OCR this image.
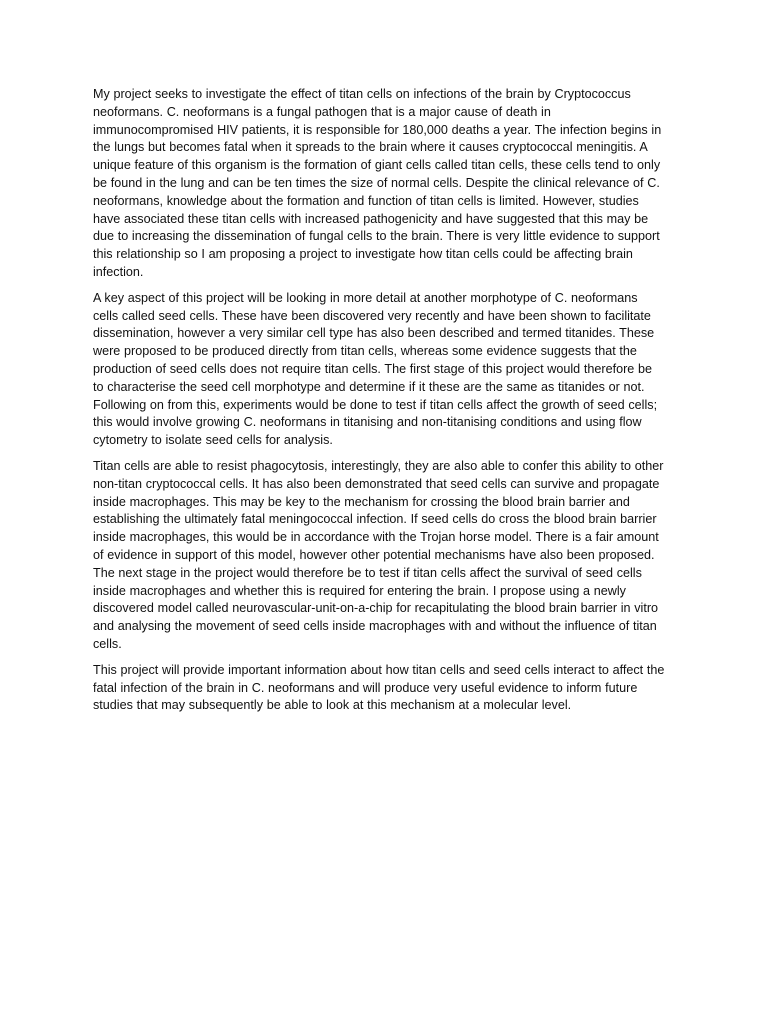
My project seeks to investigate the effect of titan cells on infections of the brain by Cryptococcus neoformans. C. neoformans is a fungal pathogen that is a major cause of death in immunocompromised HIV patients, it is responsible for 180,000 deaths a year. The infection begins in the lungs but becomes fatal when it spreads to the brain where it causes cryptococcal meningitis. A unique feature of this organism is the formation of giant cells called titan cells, these cells tend to only be found in the lung and can be ten times the size of normal cells. Despite the clinical relevance of C. neoformans, knowledge about the formation and function of titan cells is limited. However, studies have associated these titan cells with increased pathogenicity and have suggested that this may be due to increasing the dissemination of fungal cells to the brain. There is very little evidence to support this relationship so I am proposing a project to investigate how titan cells could be affecting brain infection.

A key aspect of this project will be looking in more detail at another morphotype of C. neoformans cells called seed cells. These have been discovered very recently and have been shown to facilitate dissemination, however a very similar cell type has also been described and termed titanides. These were proposed to be produced directly from titan cells, whereas some evidence suggests that the production of seed cells does not require titan cells. The first stage of this project would therefore be to characterise the seed cell morphotype and determine if it these are the same as titanides or not. Following on from this, experiments would be done to test if titan cells affect the growth of seed cells; this would involve growing C. neoformans in titanising and non-titanising conditions and using flow cytometry to isolate seed cells for analysis.

Titan cells are able to resist phagocytosis, interestingly, they are also able to confer this ability to other non-titan cryptococcal cells. It has also been demonstrated that seed cells can survive and propagate inside macrophages. This may be key to the mechanism for crossing the blood brain barrier and establishing the ultimately fatal meningococcal infection. If seed cells do cross the blood brain barrier inside macrophages, this would be in accordance with the Trojan horse model. There is a fair amount of evidence in support of this model, however other potential mechanisms have also been proposed. The next stage in the project would therefore be to test if titan cells affect the survival of seed cells inside macrophages and whether this is required for entering the brain. I propose using a newly discovered model called neurovascular-unit-on-a-chip for recapitulating the blood brain barrier in vitro and analysing the movement of seed cells inside macrophages with and without the influence of titan cells.

This project will provide important information about how titan cells and seed cells interact to affect the fatal infection of the brain in C. neoformans and will produce very useful evidence to inform future studies that may subsequently be able to look at this mechanism at a molecular level.
